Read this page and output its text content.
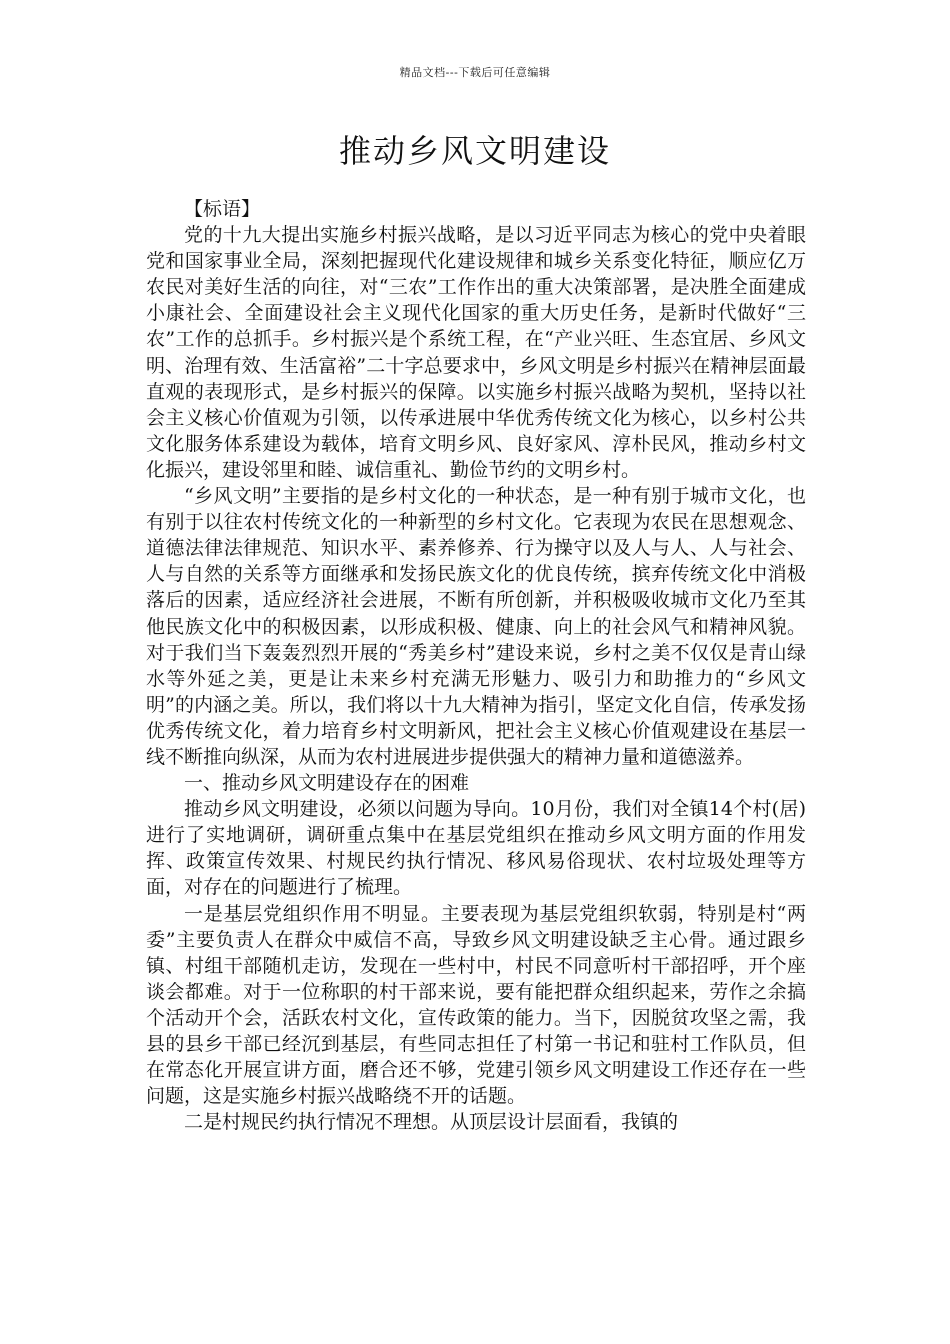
精品文档---下载后可任意编辑
推动乡风文明建设

【标语】

党的十九大提出实施乡村振兴战略，是以习近平同志为核心的党中央着眼党和国家事业全局，深刻把握现代化建设规律和城乡关系变化特征，顺应亿万农民对美好生活的向往，对“三农”工作作出的重大决策部署，是决胜全面建成小康社会、全面建设社会主义现代化国家的重大历史任务，是新时代做好“三农”工作的总抓手。乡村振兴是个系统工程，在“产业兴旺、生态宜居、乡风文明、治理有效、生活富裕”二十字总要求中，乡风文明是乡村振兴在精神层面最直观的表现形式，是乡村振兴的保障。以实施乡村振兴战略为契机，坚持以社会主义核心价值观为引领，以传承进展中华优秀传统文化为核心，以乡村公共文化服务体系建设为载体，培育文明乡风、良好家风、淳朴民风，推动乡村文化振兴，建设邻里和睦、诚信重礼、勤俭节约的文明乡村。

“乡风文明”主要指的是乡村文化的一种状态，是一种有别于城市文化，也有别于以往农村传统文化的一种新型的乡村文化。它表现为农民在思想观念、道德法律法律规范、知识水平、素养修养、行为操守以及人与人、人与社会、人与自然的关系等方面继承和发扬民族文化的优良传统，摈弃传统文化中消极落后的因素，适应经济社会进展，不断有所创新，并积极吸收城市文化乃至其他民族文化中的积极因素，以形成积极、健康、向上的社会风气和精神风貌。对于我们当下轰轰烈烈开展的“秀美乡村”建设来说，乡村之美不仅仅是青山绿水等外延之美，更是让未来乡村充满无形魅力、吸引力和助推力的“乡风文明”的内涵之美。所以，我们将以十九大精神为指引，坚定文化自信，传承发扬优秀传统文化，着力培育乡村文明新风，把社会主义核心价值观建设在基层一线不断推向纵深，从而为农村进展进步提供强大的精神力量和道德滋养。

一、推动乡风文明建设存在的困难

推动乡风文明建设，必须以问题为导向。10月份，我们对全镇14个村(居)进行了实地调研，调研重点集中在基层党组织在推动乡风文明方面的作用发挥、政策宣传效果、村规民约执行情况、移风易俗现状、农村垃圾处理等方面，对存在的问题进行了梳理。

一是基层党组织作用不明显。主要表现为基层党组织软弱，特别是村“两委”主要负责人在群众中威信不高，导致乡风文明建设缺乏主心骨。通过跟乡镇、村组干部随机走访，发现在一些村中，村民不同意听村干部招呼，开个座谈会都难。对于一位称职的村干部来说，要有能把群众组织起来，劳作之余搞个活动开个会，活跃农村文化，宣传政策的能力。当下，因脱贫攻坚之需，我县的县乡干部已经沉到基层，有些同志担任了村第一书记和驻村工作队员，但在常态化开展宣讲方面，磨合还不够，党建引领乡风文明建设工作还存在一些问题，这是实施乡村振兴战略绕不开的话题。

二是村规民约执行情况不理想。从顶层设计层面看，我镇的
